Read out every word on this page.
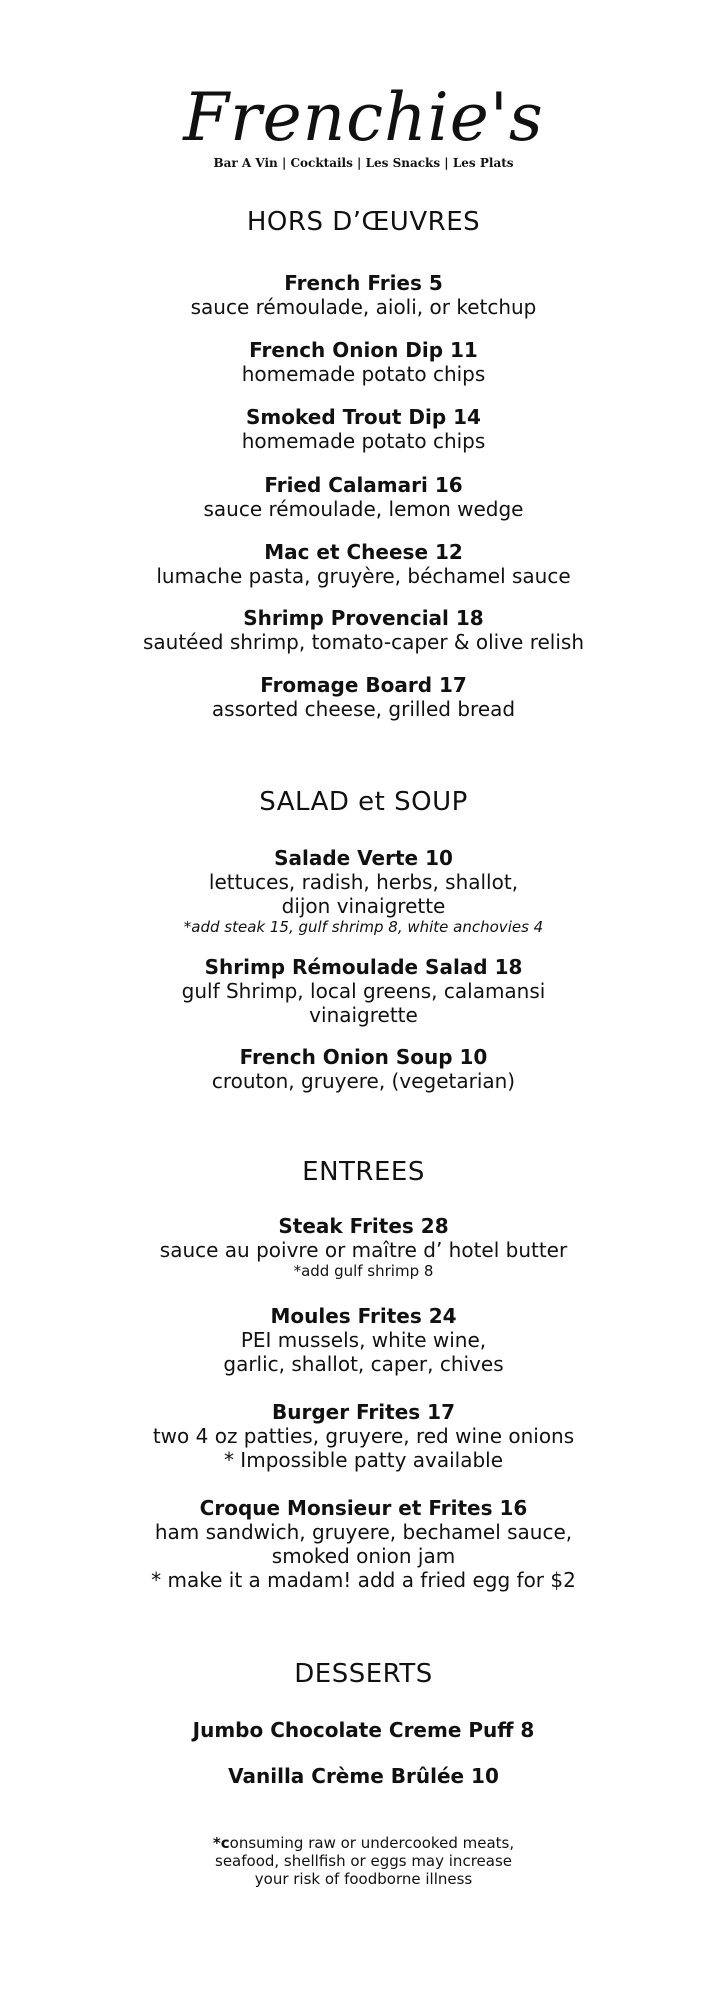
Frenchie's
Bar A Vin | Cocktails | Les Snacks | Les Plats
HORS D’ŒUVRES
French Fries 5
sauce rémoulade, aioli, or ketchup
French Onion Dip 11
homemade potato chips
Smoked Trout Dip 14
homemade potato chips
Fried Calamari 16
sauce rémoulade, lemon wedge
Mac et Cheese 12
lumache pasta, gruyère, béchamel sauce
Shrimp Provencial 18
sautéed shrimp, tomato-caper & olive relish
Fromage Board 17
assorted cheese, grilled bread
SALAD et SOUP
Salade Verte 10
lettuces, radish, herbs, shallot,
dijon vinaigrette
*add steak 15, gulf shrimp 8, white anchovies 4
Shrimp Rémoulade Salad 18
gulf Shrimp, local greens, calamansi
vinaigrette
French Onion Soup 10
crouton, gruyere, (vegetarian)
ENTREES
Steak Frites 28
sauce au poivre or maître d’ hotel butter
*add gulf shrimp 8
Moules Frites 24
PEI mussels, white wine,
garlic, shallot, caper, chives
Burger Frites 17
two 4 oz patties, gruyere, red wine onions
* Impossible patty available
Croque Monsieur et Frites 16
ham sandwich, gruyere, bechamel sauce,
smoked onion jam
* make it a madam! add a fried egg for $2
DESSERTS
Jumbo Chocolate Creme Puff 8
Vanilla Crème Brûlée 10
*consuming raw or undercooked meats,
seafood, shellfish or eggs may increase
your risk of foodborne illness
